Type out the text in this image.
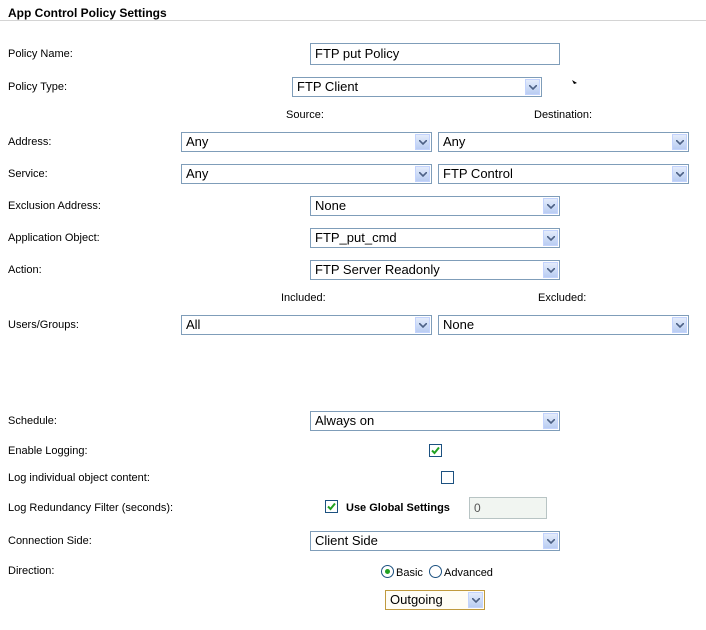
App Control Policy Settings
Policy Name:	FTP put Policy
Policy Type:	FTP Client
Source:	Destination:
Address:	Any	Any
Service:	Any	FTP Control
Exclusion Address:	None
Application Object:	FTP_put_cmd
Action:	FTP Server Readonly
Included:	Excluded:
Users/Groups:	All	None
Schedule:	Always on
Enable Logging:
Log individual object content:
Log Redundancy Filter (seconds):	Use Global Settings	0
Connection Side:	Client Side
Direction:	Basic Advanced
Outgoing
